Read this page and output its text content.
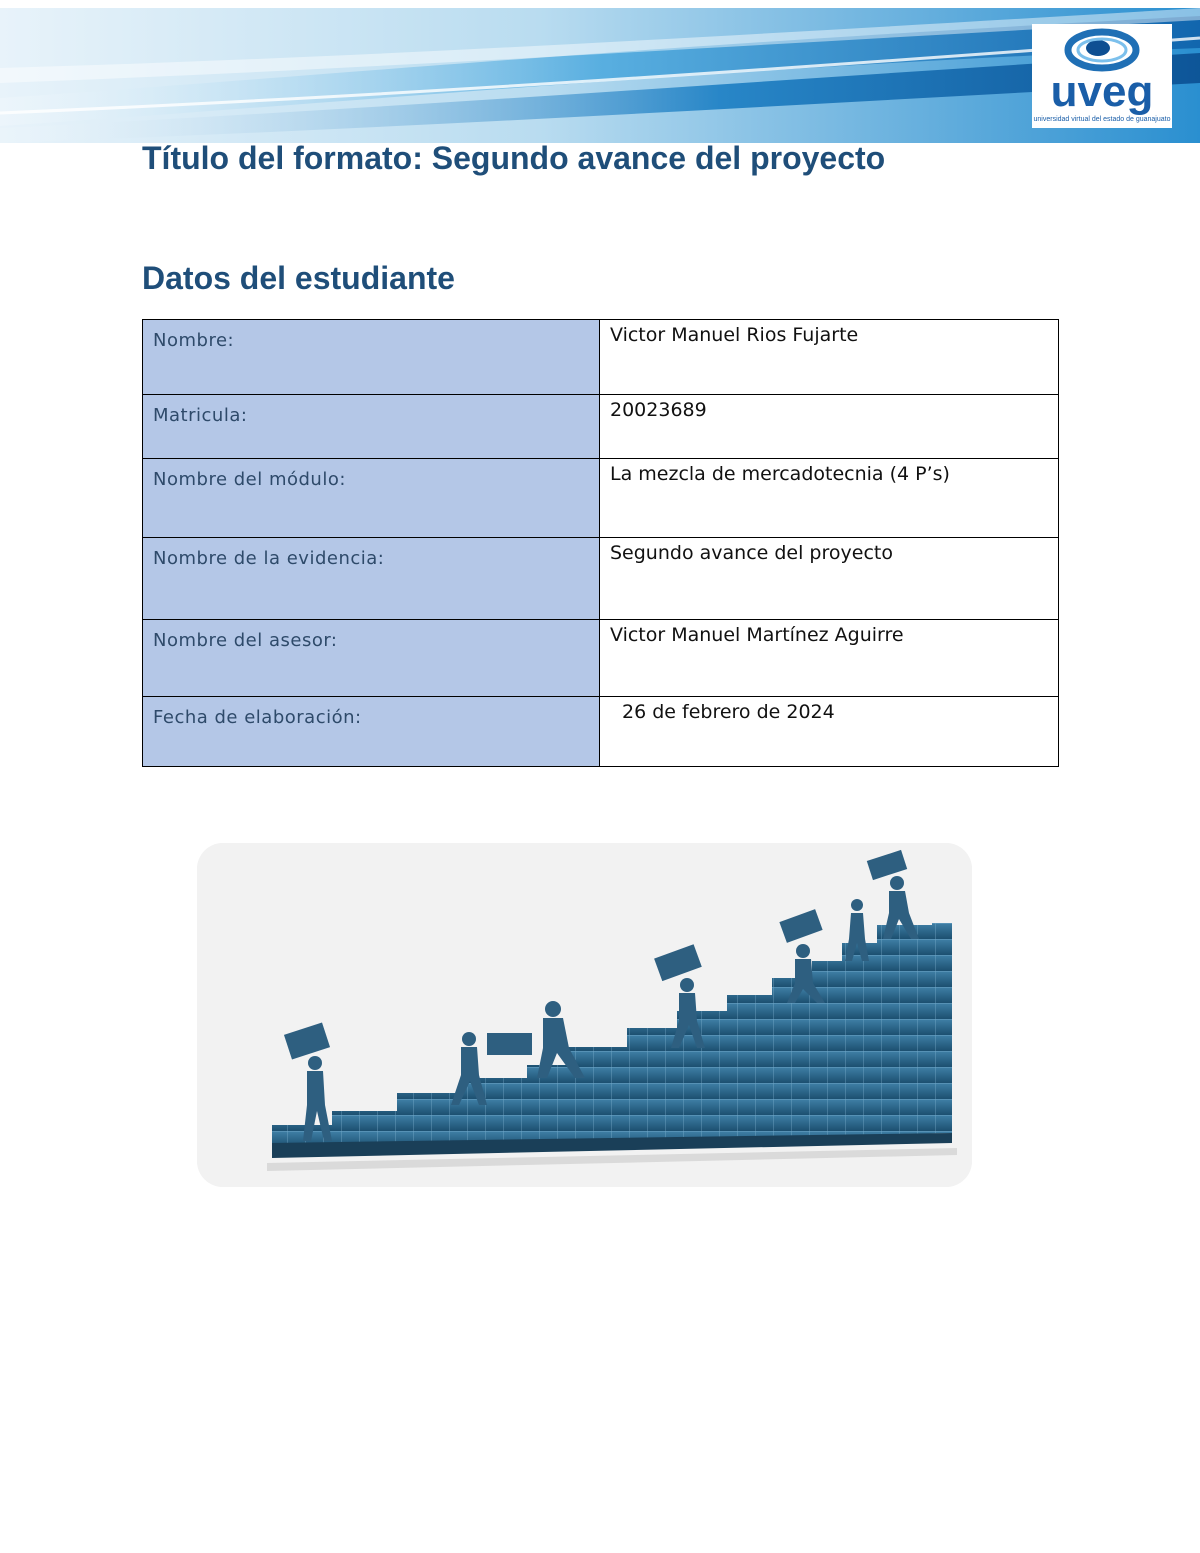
uveg
universidad virtual del estado de guanajuato
Título del formato: Segundo avance del proyecto
Datos del estudiante
Nombre:	Victor Manuel Rios Fujarte

Matricula:	20023689

Nombre del módulo:	La mezcla de mercadotecnia (4 P’s)

Nombre de la evidencia:	Segundo avance del proyecto

Nombre del asesor:	Victor Manuel Martínez Aguirre

Fecha de elaboración:	26 de febrero de 2024
